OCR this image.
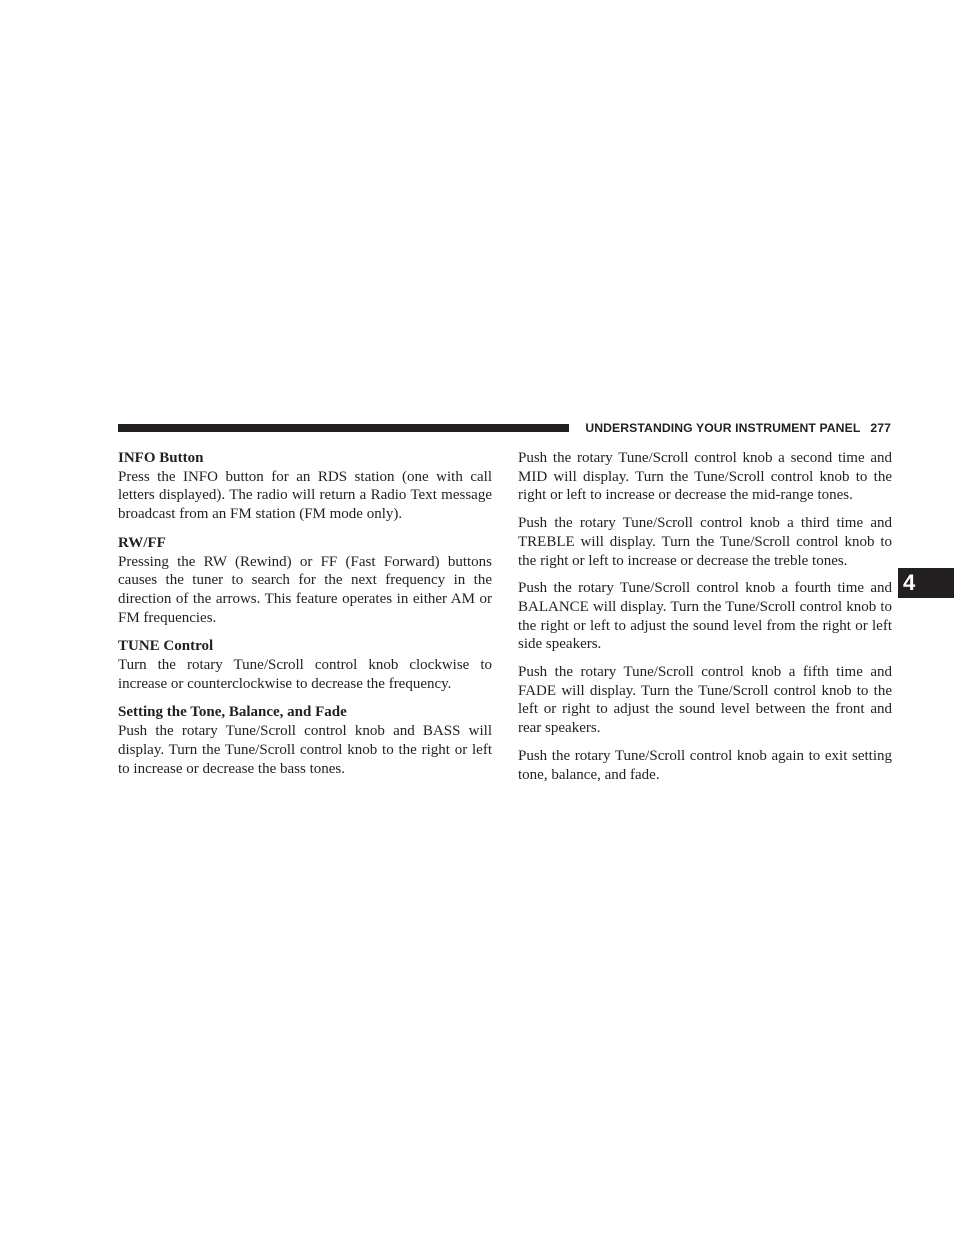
UNDERSTANDING YOUR INSTRUMENT PANEL 277
4
INFO Button

Press the INFO button for an RDS station (one with call letters displayed). The radio will return a Radio Text message broadcast from an FM station (FM mode only).

RW/FF

Pressing the RW (Rewind) or FF (Fast Forward) buttons causes the tuner to search for the next frequency in the direction of the arrows. This feature operates in either AM or FM frequencies.

TUNE Control

Turn the rotary Tune/Scroll control knob clockwise to increase or counterclockwise to decrease the frequency.

Setting the Tone, Balance, and Fade

Push the rotary Tune/Scroll control knob and BASS will display. Turn the Tune/Scroll control knob to the right or left to increase or decrease the bass tones.

Push the rotary Tune/Scroll control knob a second time and MID will display. Turn the Tune/Scroll control knob to the right or left to increase or decrease the mid-range tones.

Push the rotary Tune/Scroll control knob a third time and TREBLE will display. Turn the Tune/Scroll control knob to the right or left to increase or decrease the treble tones.

Push the rotary Tune/Scroll control knob a fourth time and BALANCE will display. Turn the Tune/Scroll control knob to the right or left to adjust the sound level from the right or left side speakers.

Push the rotary Tune/Scroll control knob a fifth time and FADE will display. Turn the Tune/Scroll control knob to the left or right to adjust the sound level between the front and rear speakers.

Push the rotary Tune/Scroll control knob again to exit setting tone, balance, and fade.
